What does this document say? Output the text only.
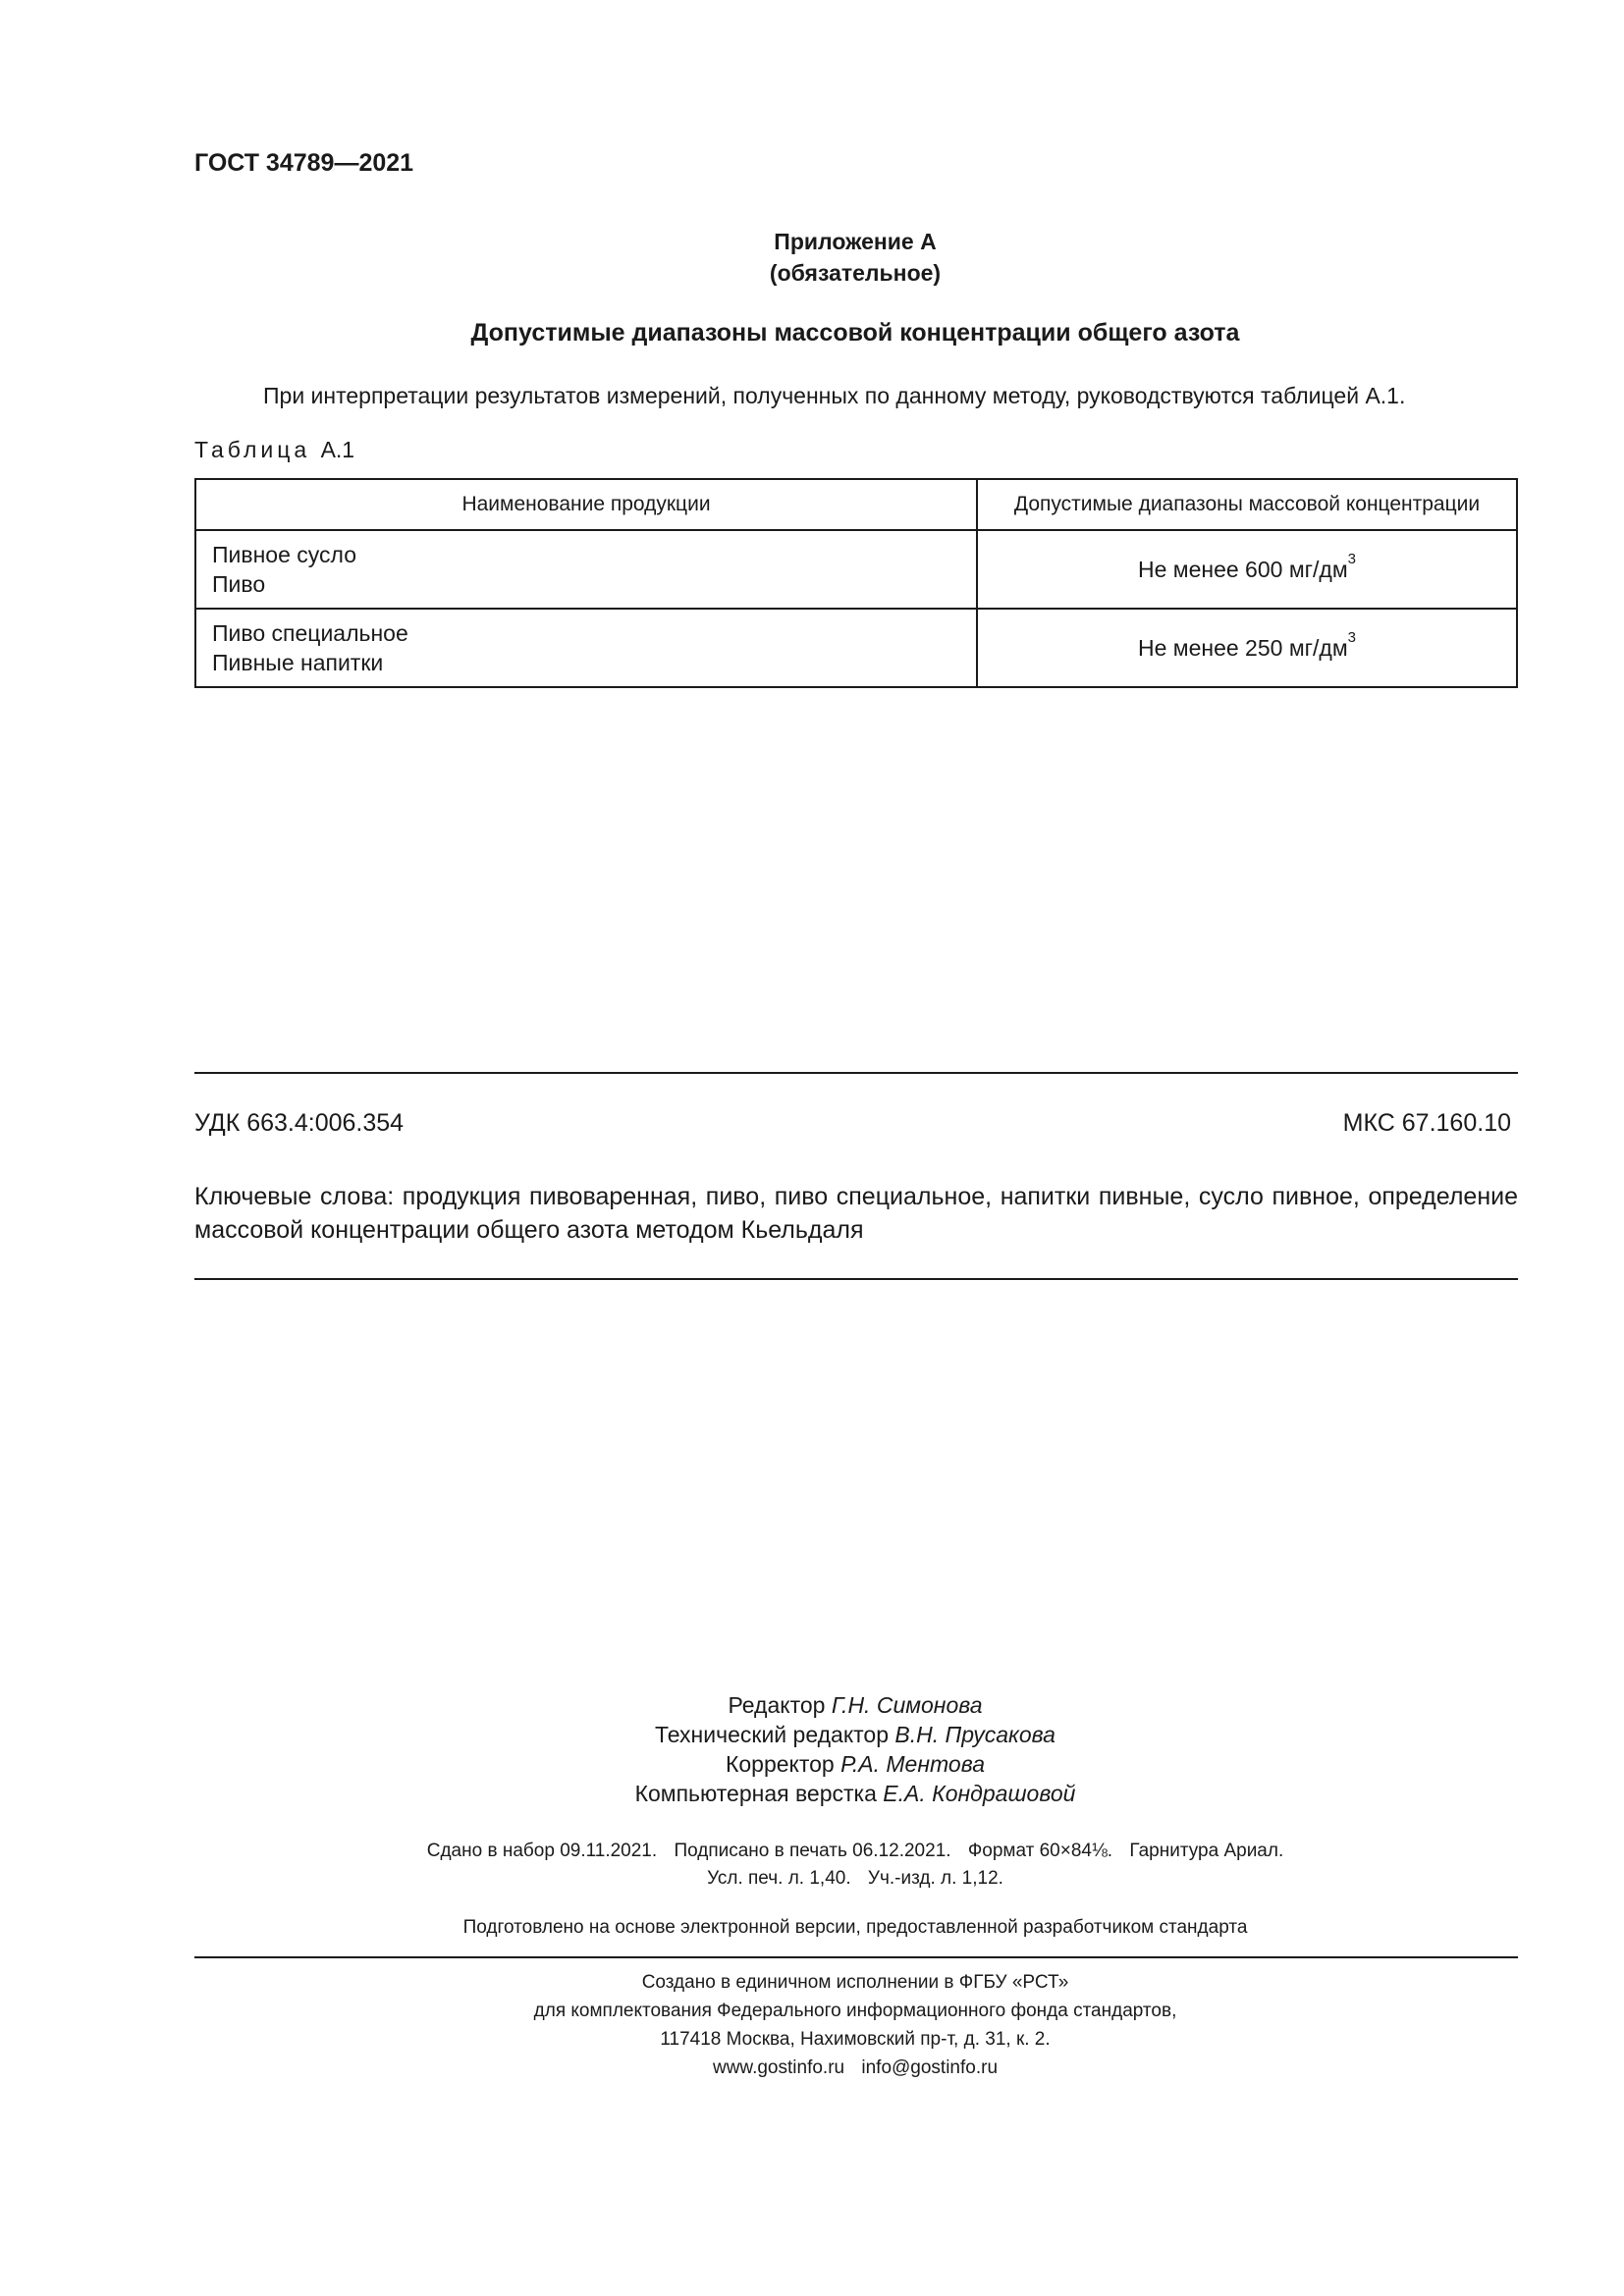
ГОСТ 34789—2021
Приложение А
(обязательное)
Допустимые диапазоны массовой концентрации общего азота
При интерпретации результатов измерений, полученных по данному методу, руководствуются таблицей А.1.
Таблица А.1
Наименование продукции	Допустимые диапазоны массовой концентрации

Пивное сусло
Пиво	Не менее 600 $мг/дм^3$

Пиво специальное
Пивные напитки	Не менее 250 $мг/дм^3$
УДК 663.4:006.354	МКС 67.160.10
Ключевые слова: продукция пивоваренная, пиво, пиво специальное, напитки пивные, сусло пивное, определение массовой концентрации общего азота методом Кьельдаля
Редактор Г.Н. Симонова
Технический редактор В.Н. Прусакова
Корректор Р.А. Ментова
Компьютерная верстка Е.А. Кондрашовой
Сдано в набор 09.11.2021. Подписано в печать 06.12.2021. Формат 60×84⅛. Гарнитура Ариал.
Усл. печ. л. 1,40. Уч.-изд. л. 1,12.
Подготовлено на основе электронной версии, предоставленной разработчиком стандарта
Создано в единичном исполнении в ФГБУ «РСТ»
для комплектования Федерального информационного фонда стандартов,
117418 Москва, Нахимовский пр-т, д. 31, к. 2.
www.gostinfo.ru info@gostinfo.ru
